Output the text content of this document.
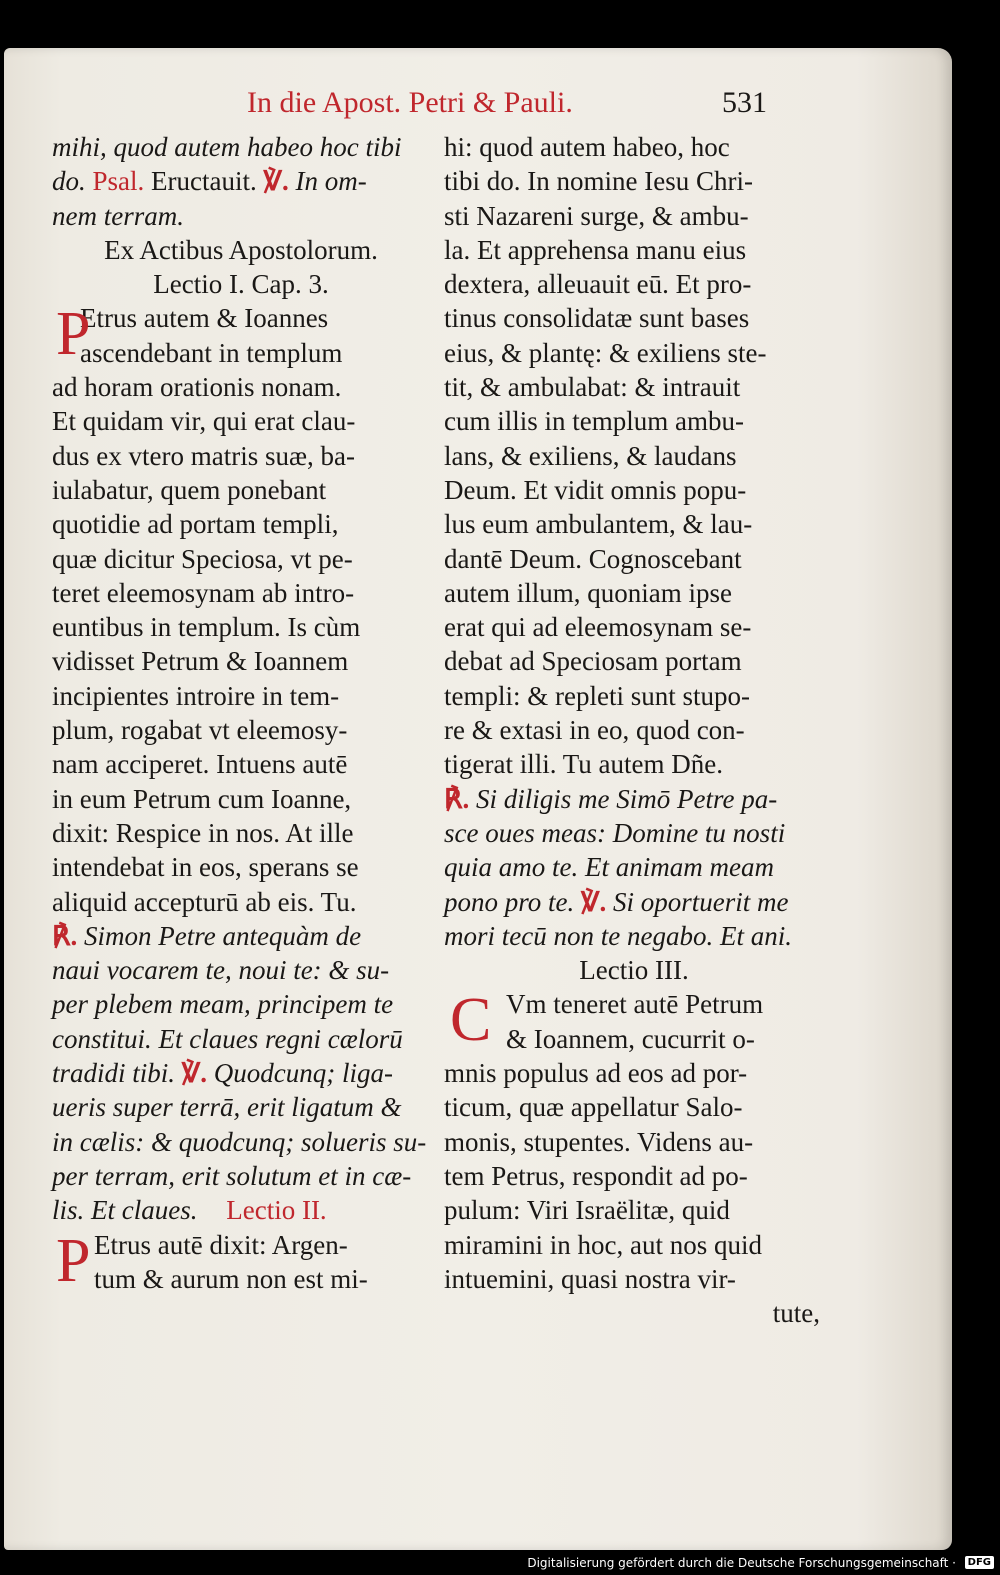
In die Apost. Petri & Pauli.	531
mihi, quod autem habeo hoc tibi
do. Psal. Eructauit. ℣. In om-
nem terram.
Ex Actibus Apostolorum.
Lectio I. Cap. 3.
P
Etrus autem & Ioannes
ascendebant in templum
ad horam orationis nonam.
Et quidam vir, qui erat clau-
dus ex vtero matris suæ, ba-
iulabatur, quem ponebant
quotidie ad portam templi,
quæ dicitur Speciosa, vt pe-
teret eleemosynam ab intro-
euntibus in templum. Is cùm
vidisset Petrum & Ioannem
incipientes introire in tem-
plum, rogabat vt eleemosy-
nam acciperet. Intuens autē
in eum Petrum cum Ioanne,
dixit: Respice in nos. At ille
intendebat in eos, sperans se
aliquid accepturū ab eis. Tu.
℟. Simon Petre antequàm de
naui vocarem te, noui te: & su-
per plebem meam, principem te
constitui. Et claues regni cælorū
tradidi tibi. ℣. Quodcunq; liga-
ueris super terrā, erit ligatum &
in cælis: & quodcunq; solueris su-
per terram, erit solutum et in cæ-
lis. Et claues. Lectio II.
P Etrus autē dixit: Argen-
tum & aurum non est mi-
hi: quod autem habeo, hoc
tibi do. In nomine Iesu Chri-
sti Nazareni surge, & ambu-
la. Et apprehensa manu eius
dextera, alleuauit eū. Et pro-
tinus consolidatæ sunt bases
eius, & plantę: & exiliens ste-
tit, & ambulabat: & intrauit
cum illis in templum ambu-
lans, & exiliens, & laudans
Deum. Et vidit omnis popu-
lus eum ambulantem, & lau-
dantē Deum. Cognoscebant
autem illum, quoniam ipse
erat qui ad eleemosynam se-
debat ad Speciosam portam
templi: & repleti sunt stupo-
re & extasi in eo, quod con-
tigerat illi. Tu autem Dñe.
℟. Si diligis me Simō Petre pa-
sce oues meas: Domine tu nosti
quia amo te. Et animam meam
pono pro te. ℣. Si oportuerit me
mori tecū non te negabo. Et ani.
Lectio III.
C Vm teneret autē Petrum
& Ioannem, cucurrit o-
mnis populus ad eos ad por-
ticum, quæ appellatur Salo-
monis, stupentes. Videns au-
tem Petrus, respondit ad po-
pulum: Viri Israëlitæ, quid
miramini in hoc, aut nos quid
intuemini, quasi nostra vir-
tute,
Digitalisierung gefördert durch die Deutsche Forschungsgemeinschaft ·	DFG
